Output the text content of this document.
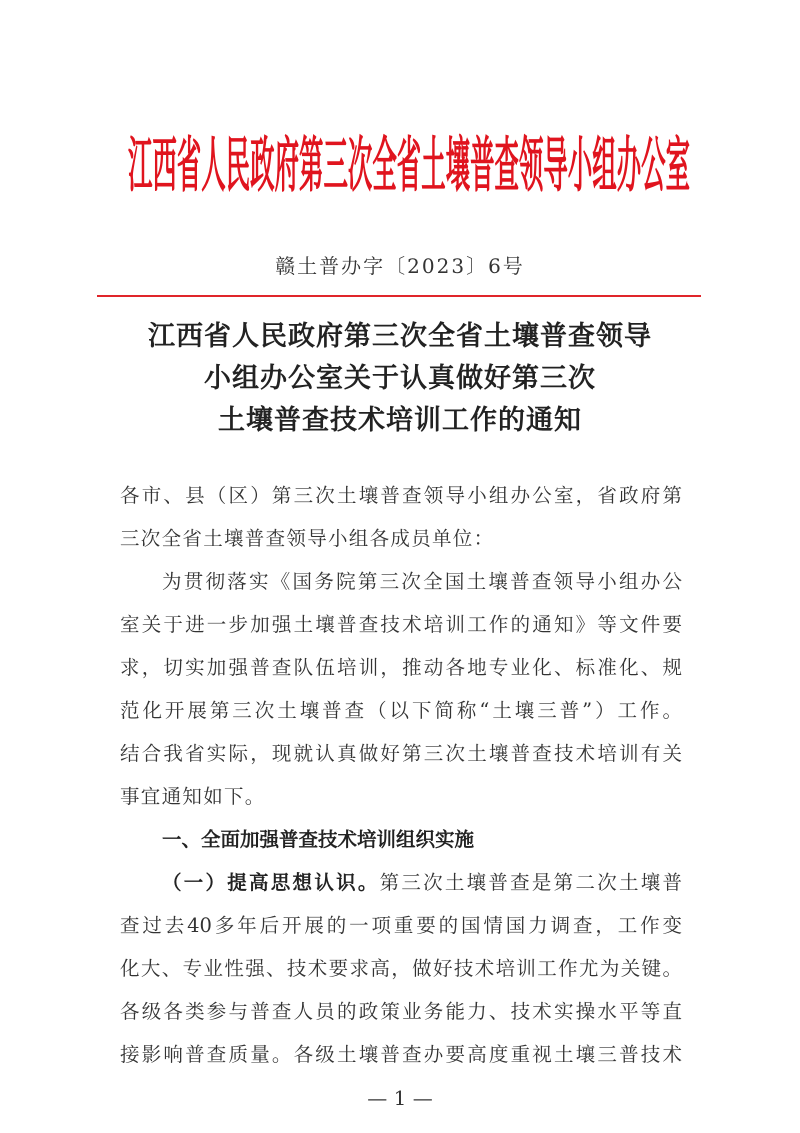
江西省人民政府第三次全省土壤普查领导小组办公室
赣土普办字〔2023〕6号
江西省人民政府第三次全省土壤普查领导
小组办公室关于认真做好第三次
土壤普查技术培训工作的通知
各市、县（区）第三次土壤普查领导小组办公室，省政府第
三次全省土壤普查领导小组各成员单位：
为贯彻落实《国务院第三次全国土壤普查领导小组办公
室关于进一步加强土壤普查技术培训工作的通知》等文件要
求，切实加强普查队伍培训，推动各地专业化、标准化、规
范化开展第三次土壤普查（以下简称“土壤三普”）工作。
结合我省实际，现就认真做好第三次土壤普查技术培训有关
事宜通知如下。
一、全面加强普查技术培训组织实施
（一）提高思想认识。第三次土壤普查是第二次土壤普
查过去40多年后开展的一项重要的国情国力调查，工作变
化大、专业性强、技术要求高，做好技术培训工作尤为关键。
各级各类参与普查人员的政策业务能力、技术实操水平等直
接影响普查质量。各级土壤普查办要高度重视土壤三普技术
— 1 —
